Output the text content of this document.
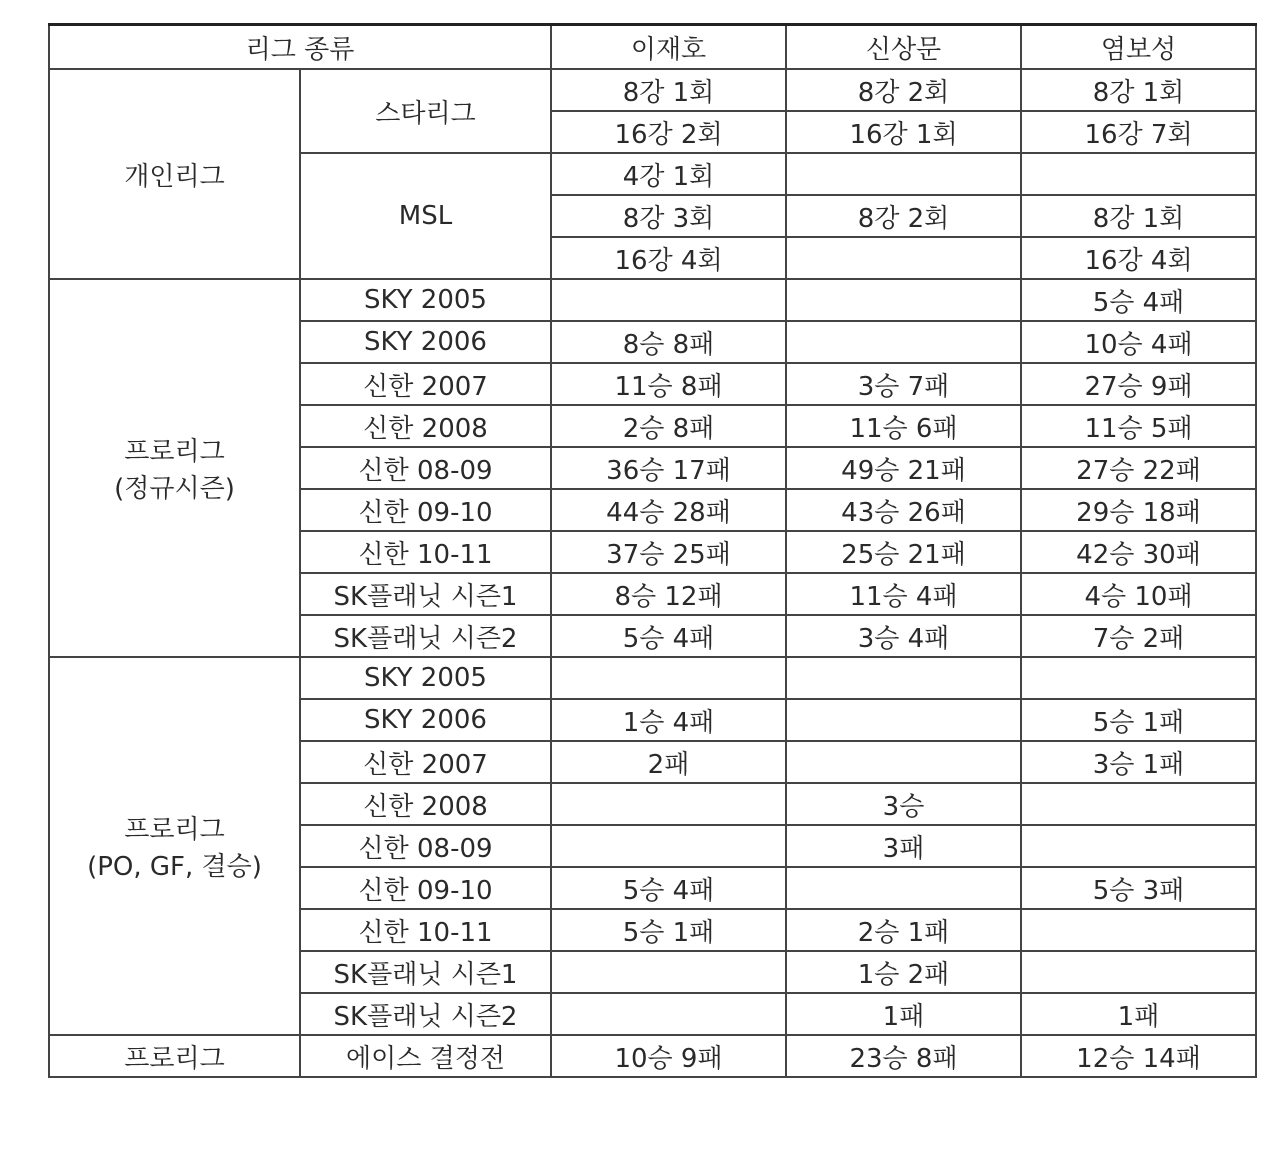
리그 종류		이재호	신상문	염보성
개인리그	스타리그	8강 1회	8강 2회	8강 1회
		16강 2회	16강 1회	16강 7회
	MSL	4강 1회		
		8강 3회	8강 2회	8강 1회
		16강 4회		16강 4회

프로리그
(정규시즌)	SKY 2005			5승 4패
	SKY 2006	8승 8패		10승 4패
	신한 2007	11승 8패	3승 7패	27승 9패
	신한 2008	2승 8패	11승 6패	11승 5패
	신한 08-09	36승 17패	49승 21패	27승 22패
	신한 09-10	44승 28패	43승 26패	29승 18패
	신한 10-11	37승 25패	25승 21패	42승 30패
	SK플래닛 시즌1	8승 12패	11승 4패	4승 10패
	SK플래닛 시즌2	5승 4패	3승 4패	7승 2패

프로리그
(PO, GF, 결승)	SKY 2005			
	SKY 2006	1승 4패		5승 1패
	신한 2007	2패		3승 1패
	신한 2008		3승	
	신한 08-09		3패	
	신한 09-10	5승 4패		5승 3패
	신한 10-11	5승 1패	2승 1패	
	SK플래닛 시즌1		1승 2패	
	SK플래닛 시즌2		1패	1패
프로리그	에이스 결정전	10승 9패	23승 8패	12승 14패
